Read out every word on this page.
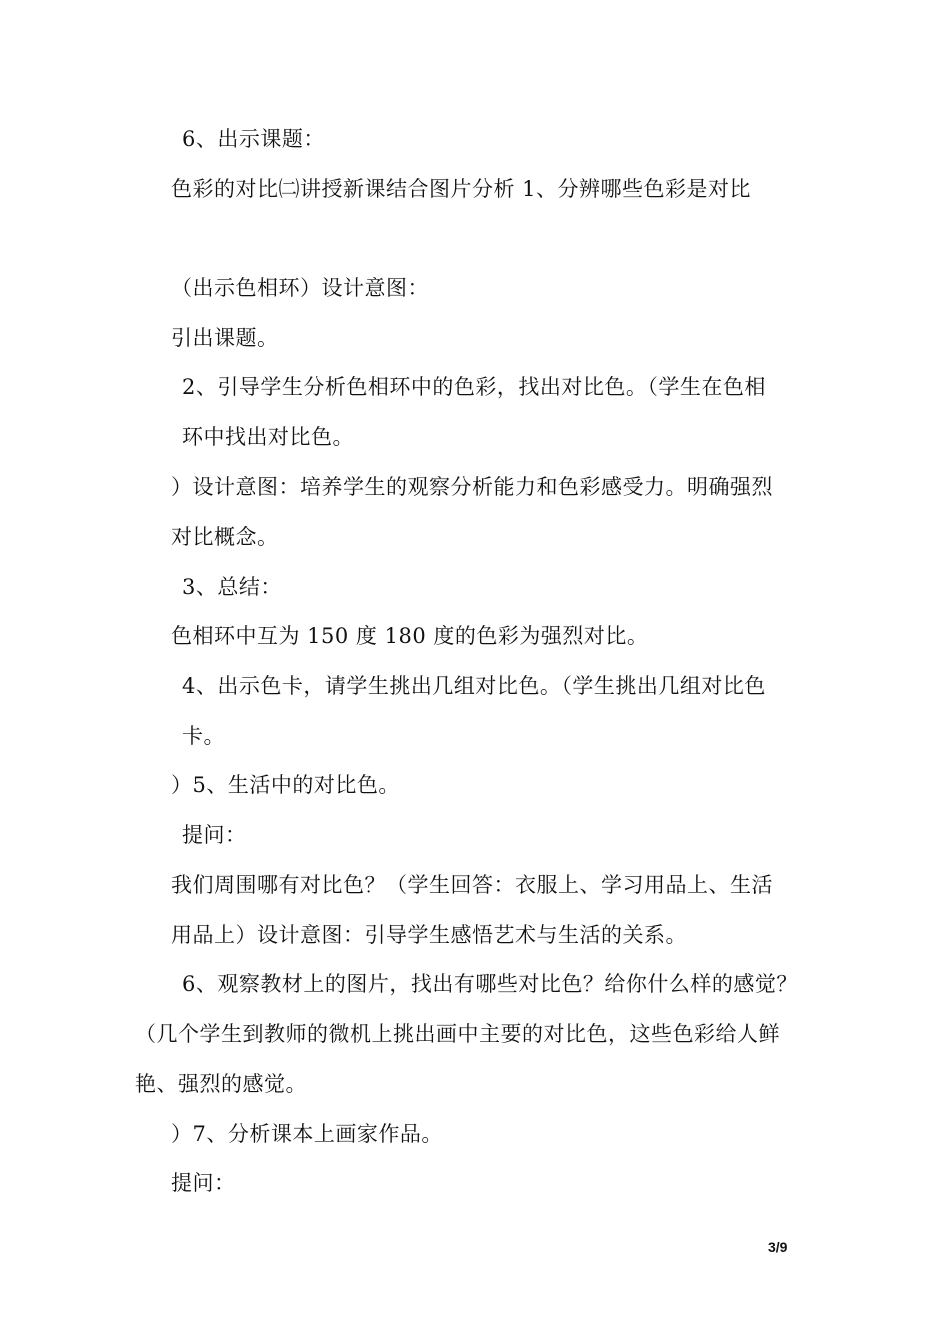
6、出示课题：
色彩的对比㈡讲授新课结合图片分析 1、分辨哪些色彩是对比
（出示色相环）设计意图：
引出课题。
2、引导学生分析色相环中的色彩，找出对比色。（学生在色相
环中找出对比色。
）设计意图：培养学生的观察分析能力和色彩感受力。明确强烈
对比概念。
3、总结：
色相环中互为 150 度 180 度的色彩为强烈对比。
4、出示色卡，请学生挑出几组对比色。（学生挑出几组对比色
卡。
）5、生活中的对比色。
提问：
我们周围哪有对比色？（学生回答：衣服上、学习用品上、生活
用品上）设计意图：引导学生感悟艺术与生活的关系。
6、观察教材上的图片，找出有哪些对比色？给你什么样的感觉？
（几个学生到教师的微机上挑出画中主要的对比色，这些色彩给人鲜
艳、强烈的感觉。
）7、分析课本上画家作品。
提问：
3/9
